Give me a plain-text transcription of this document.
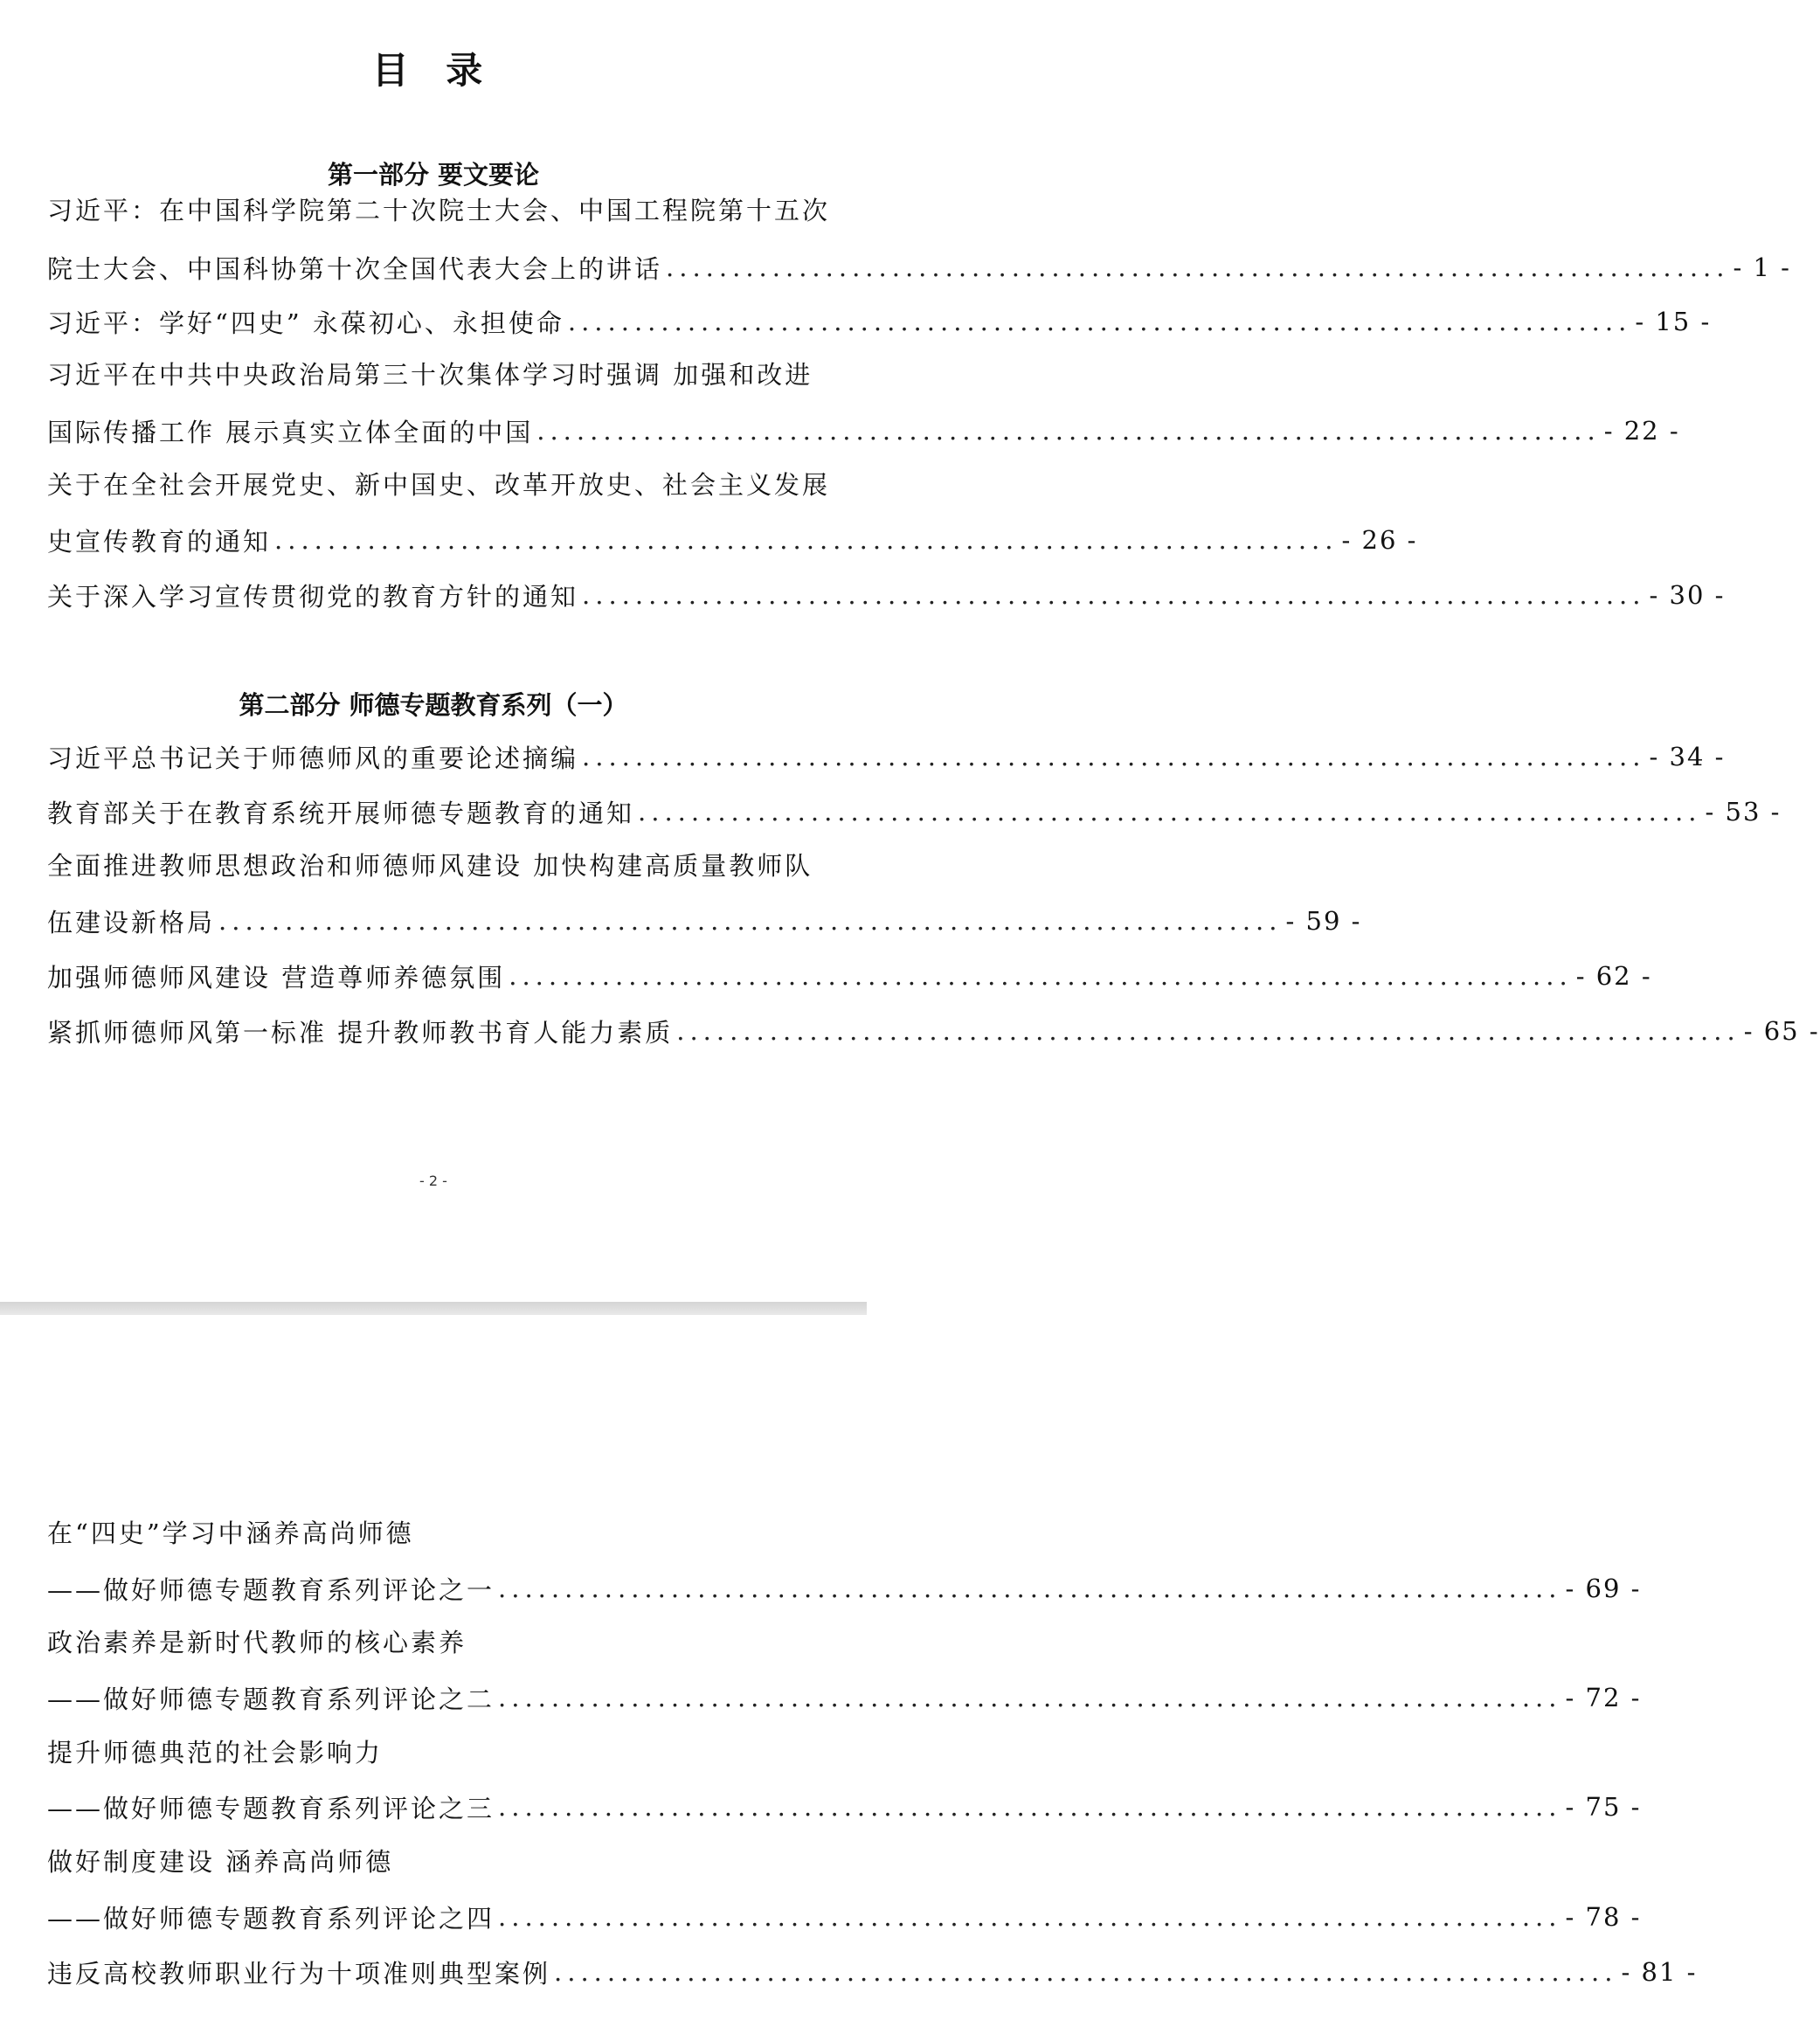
目 录
第一部分 要文要论
习近平：在中国科学院第二十次院士大会、中国工程院第十五次
院士大会、中国科协第十次全国代表大会上的讲话 ................................................................................ - 1 -
习近平：学好“四史” 永葆初心、永担使命 ................................................................................ - 15 -
习近平在中共中央政治局第三十次集体学习时强调 加强和改进
国际传播工作 展示真实立体全面的中国 ................................................................................ - 22 -
关于在全社会开展党史、新中国史、改革开放史、社会主义发展
史宣传教育的通知 ................................................................................ - 26 -
关于深入学习宣传贯彻党的教育方针的通知 ................................................................................ - 30 -
第二部分 师德专题教育系列（一）
习近平总书记关于师德师风的重要论述摘编 ................................................................................ - 34 -
教育部关于在教育系统开展师德专题教育的通知 ................................................................................ - 53 -
全面推进教师思想政治和师德师风建设 加快构建高质量教师队
伍建设新格局 ................................................................................ - 59 -
加强师德师风建设 营造尊师养德氛围 ................................................................................ - 62 -
紧抓师德师风第一标准 提升教师教书育人能力素质 ................................................................................ - 65 -
- 2 -
在“四史”学习中涵养高尚师德
——做好师德专题教育系列评论之一 ................................................................................ - 69 -
政治素养是新时代教师的核心素养
——做好师德专题教育系列评论之二 ................................................................................ - 72 -
提升师德典范的社会影响力
——做好师德专题教育系列评论之三 ................................................................................ - 75 -
做好制度建设 涵养高尚师德
——做好师德专题教育系列评论之四 ................................................................................ - 78 -
违反高校教师职业行为十项准则典型案例 ................................................................................ - 81 -
